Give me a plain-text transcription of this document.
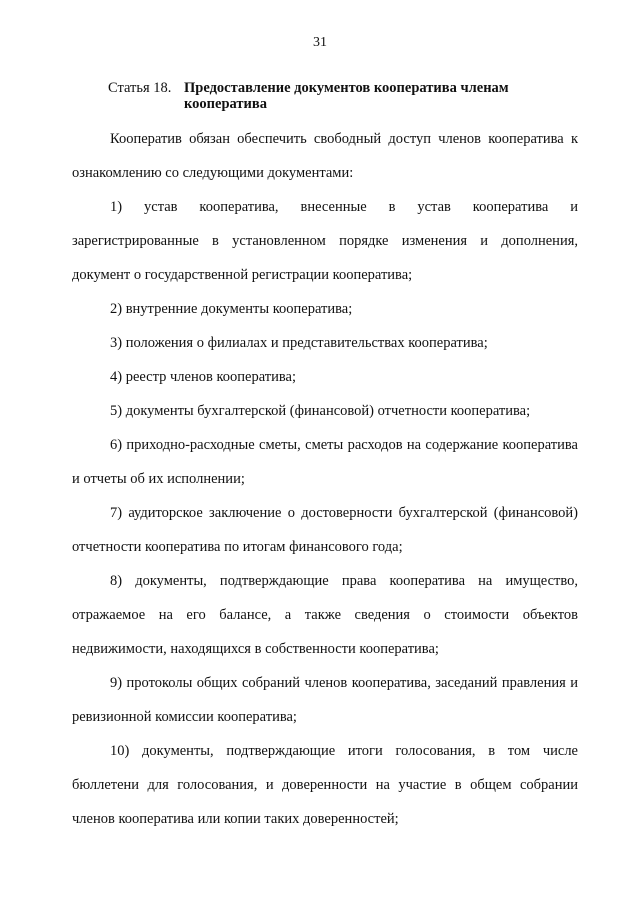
31
Статья 18. Предоставление документов кооператива членам кооператива

Кооператив обязан обеспечить свободный доступ членов кооператива к ознакомлению со следующими документами:

1) устав кооператива, внесенные в устав кооператива и зарегистрированные в установленном порядке изменения и дополнения, документ о государственной регистрации кооператива;

2) внутренние документы кооператива;

3) положения о филиалах и представительствах кооператива;

4) реестр членов кооператива;

5) документы бухгалтерской (финансовой) отчетности кооператива;

6) приходно-расходные сметы, сметы расходов на содержание кооператива и отчеты об их исполнении;

7) аудиторское заключение о достоверности бухгалтерской (финансовой) отчетности кооператива по итогам финансового года;

8) документы, подтверждающие права кооператива на имущество, отражаемое на его балансе, а также сведения о стоимости объектов недвижимости, находящихся в собственности кооператива;

9) протоколы общих собраний членов кооператива, заседаний правления и ревизионной комиссии кооператива;

10) документы, подтверждающие итоги голосования, в том числе бюллетени для голосования, и доверенности на участие в общем собрании членов кооператива или копии таких доверенностей;
